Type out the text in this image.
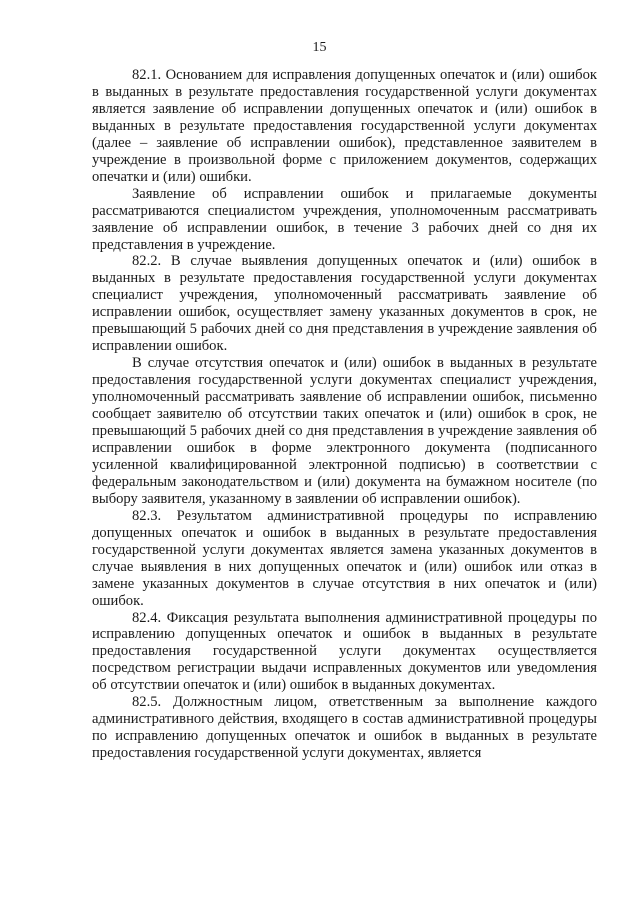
15

82.1. Основанием для исправления допущенных опечаток и (или) ошибок в выданных в результате предоставления государственной услуги документах является заявление об исправлении допущенных опечаток и (или) ошибок в выданных в результате предоставления государственной услуги документах (далее – заявление об исправлении ошибок), представленное заявителем в учреждение в произвольной форме с приложением документов, содержащих опечатки и (или) ошибки.

Заявление об исправлении ошибок и прилагаемые документы рассматриваются специалистом учреждения, уполномоченным рассматривать заявление об исправлении ошибок, в течение 3 рабочих дней со дня их представления в учреждение.

82.2. В случае выявления допущенных опечаток и (или) ошибок в выданных в результате предоставления государственной услуги документах специалист учреждения, уполномоченный рассматривать заявление об исправлении ошибок, осуществляет замену указанных документов в срок, не превышающий 5 рабочих дней со дня представления в учреждение заявления об исправлении ошибок.

В случае отсутствия опечаток и (или) ошибок в выданных в результате предоставления государственной услуги документах специалист учреждения, уполномоченный рассматривать заявление об исправлении ошибок, письменно сообщает заявителю об отсутствии таких опечаток и (или) ошибок в срок, не превышающий 5 рабочих дней со дня представления в учреждение заявления об исправлении ошибок в форме электронного документа (подписанного усиленной квалифицированной электронной подписью) в соответствии с федеральным законодательством и (или) документа на бумажном носителе (по выбору заявителя, указанному в заявлении об исправлении ошибок).

82.3. Результатом административной процедуры по исправлению допущенных опечаток и ошибок в выданных в результате предоставления государственной услуги документах является замена указанных документов в случае выявления в них допущенных опечаток и (или) ошибок или отказ в замене указанных документов в случае отсутствия в них опечаток и (или) ошибок.

82.4. Фиксация результата выполнения административной процедуры по исправлению допущенных опечаток и ошибок в выданных в результате предоставления государственной услуги документах осуществляется посредством регистрации выдачи исправленных документов или уведомления об отсутствии опечаток и (или) ошибок в выданных документах.

82.5. Должностным лицом, ответственным за выполнение каждого административного действия, входящего в состав административной процедуры по исправлению допущенных опечаток и ошибок в выданных в результате предоставления государственной услуги документах, является
